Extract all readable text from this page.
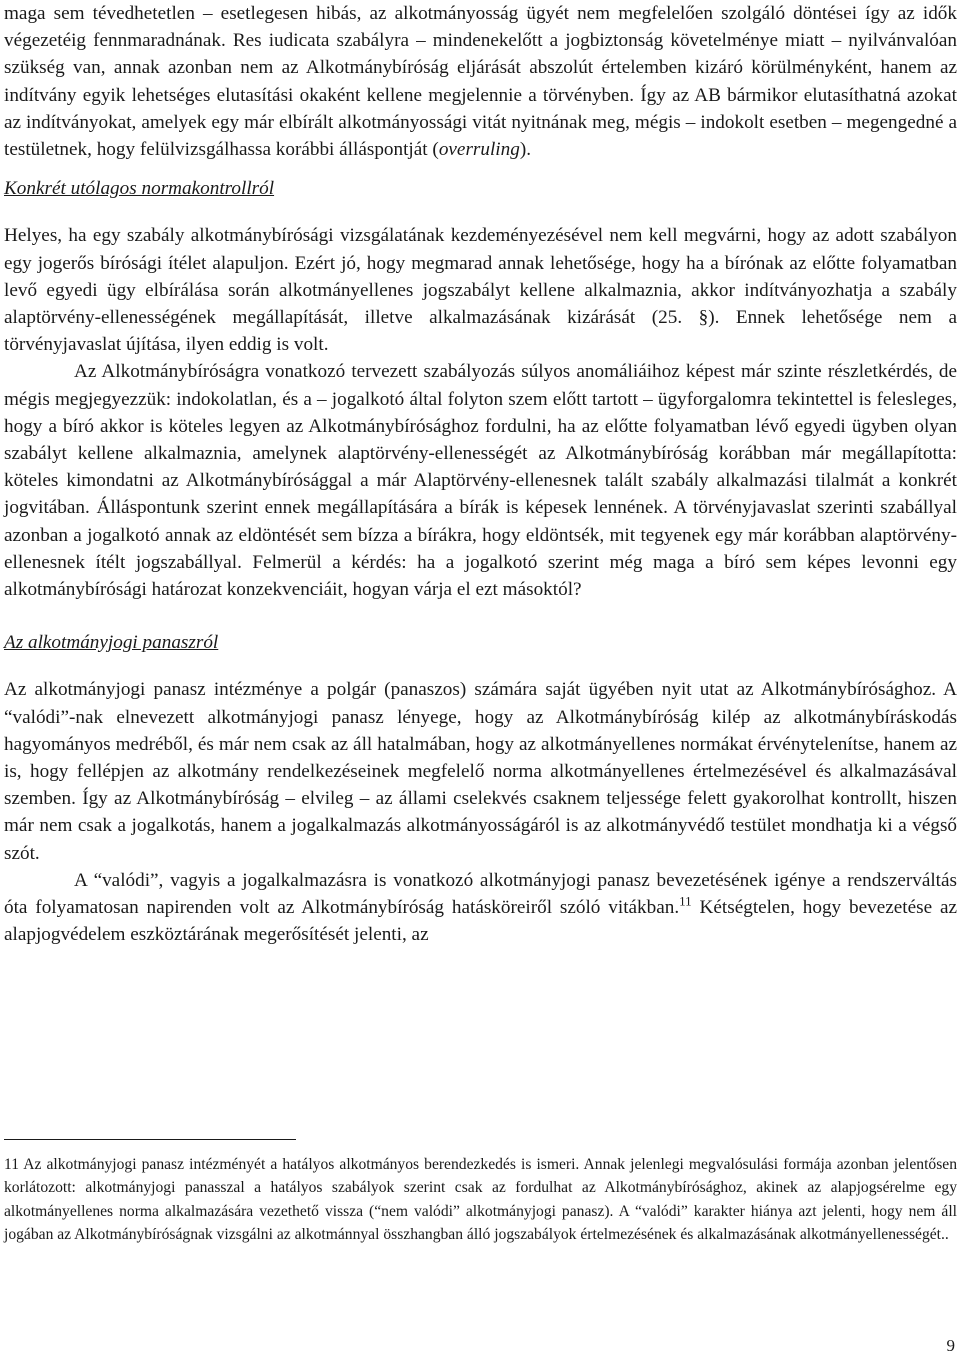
maga sem tévedhetetlen – esetlegesen hibás, az alkotmányosság ügyét nem megfelelően szolgáló döntései így az idők végezetéig fennmaradnának. Res iudicata szabályra – mindenekelőtt a jogbiztonság követelménye miatt – nyilvánvalóan szükség van, annak azonban nem az Alkotmánybíróság eljárását abszolút értelemben kizáró körülményként, hanem az indítvány egyik lehetséges elutasítási okaként kellene megjelennie a törvényben. Így az AB bármikor elutasíthatná azokat az indítványokat, amelyek egy már elbírált alkotmányossági vitát nyitnának meg, mégis – indokolt esetben – megengedné a testületnek, hogy felülvizsgálhassa korábbi álláspontját (overruling).

Konkrét utólagos normakontrollról

Helyes, ha egy szabály alkotmánybírósági vizsgálatának kezdeményezésével nem kell megvárni, hogy az adott szabályon egy jogerős bírósági ítélet alapuljon. Ezért jó, hogy megmarad annak lehetősége, hogy ha a bírónak az előtte folyamatban levő egyedi ügy elbírálása során alkotmányellenes jogszabályt kellene alkalmaznia, akkor indítványozhatja a szabály alaptörvény-ellenességének megállapítását, illetve alkalmazásának kizárását (25. §). Ennek lehetősége nem a törvényjavaslat újítása, ilyen eddig is volt.

Az Alkotmánybíróságra vonatkozó tervezett szabályozás súlyos anomáliáihoz képest már szinte részletkérdés, de mégis megjegyezzük: indokolatlan, és a – jogalkotó által folyton szem előtt tartott – ügyforgalomra tekintettel is felesleges, hogy a bíró akkor is köteles legyen az Alkotmánybírósághoz fordulni, ha az előtte folyamatban lévő egyedi ügyben olyan szabályt kellene alkalmaznia, amelynek alaptörvény-ellenességét az Alkotmánybíróság korábban már megállapította: köteles kimondatni az Alkotmánybírósággal a már Alaptörvény-ellenesnek talált szabály alkalmazási tilalmát a konkrét jogvitában. Álláspontunk szerint ennek megállapítására a bírák is képesek lennének. A törvényjavaslat szerinti szabállyal azonban a jogalkotó annak az eldöntését sem bízza a bírákra, hogy eldöntsék, mit tegyenek egy már korábban alaptörvény-ellenesnek ítélt jogszabállyal. Felmerül a kérdés: ha a jogalkotó szerint még maga a bíró sem képes levonni egy alkotmánybírósági határozat konzekvenciáit, hogyan várja el ezt másoktól?

Az alkotmányjogi panaszról

Az alkotmányjogi panasz intézménye a polgár (panaszos) számára saját ügyében nyit utat az Alkotmánybírósághoz. A “valódi”-nak elnevezett alkotmányjogi panasz lényege, hogy az Alkotmánybíróság kilép az alkotmánybíráskodás hagyományos medréből, és már nem csak az áll hatalmában, hogy az alkotmányellenes normákat érvénytelenítse, hanem az is, hogy fellépjen az alkotmány rendelkezéseinek megfelelő norma alkotmányellenes értelmezésével és alkalmazásával szemben. Így az Alkotmánybíróság – elvileg – az állami cselekvés csaknem teljessége felett gyakorolhat kontrollt, hiszen már nem csak a jogalkotás, hanem a jogalkalmazás alkotmányosságáról is az alkotmányvédő testület mondhatja ki a végső szót.

A “valódi”, vagyis a jogalkalmazásra is vonatkozó alkotmányjogi panasz bevezetésének igénye a rendszerváltás óta folyamatosan napirenden volt az Alkotmánybíróság hatásköreiről szóló vitákban.$^{11}$ Kétségtelen, hogy bevezetése az alapjogvédelem eszköztárának megerősítését jelenti, az

11 Az alkotmányjogi panasz intézményét a hatályos alkotmányos berendezkedés is ismeri. Annak jelenlegi megvalósulási formája azonban jelentősen korlátozott: alkotmányjogi panasszal a hatályos szabályok szerint csak az fordulhat az Alkotmánybírósághoz, akinek az alapjogsérelme egy alkotmányellenes norma alkalmazására vezethető vissza (“nem valódi” alkotmányjogi panasz). A “valódi” karakter hiánya azt jelenti, hogy nem áll jogában az Alkotmánybíróságnak vizsgálni az alkotmánnyal összhangban álló jogszabályok értelmezésének és alkalmazásának alkotmányellenességét..

9
